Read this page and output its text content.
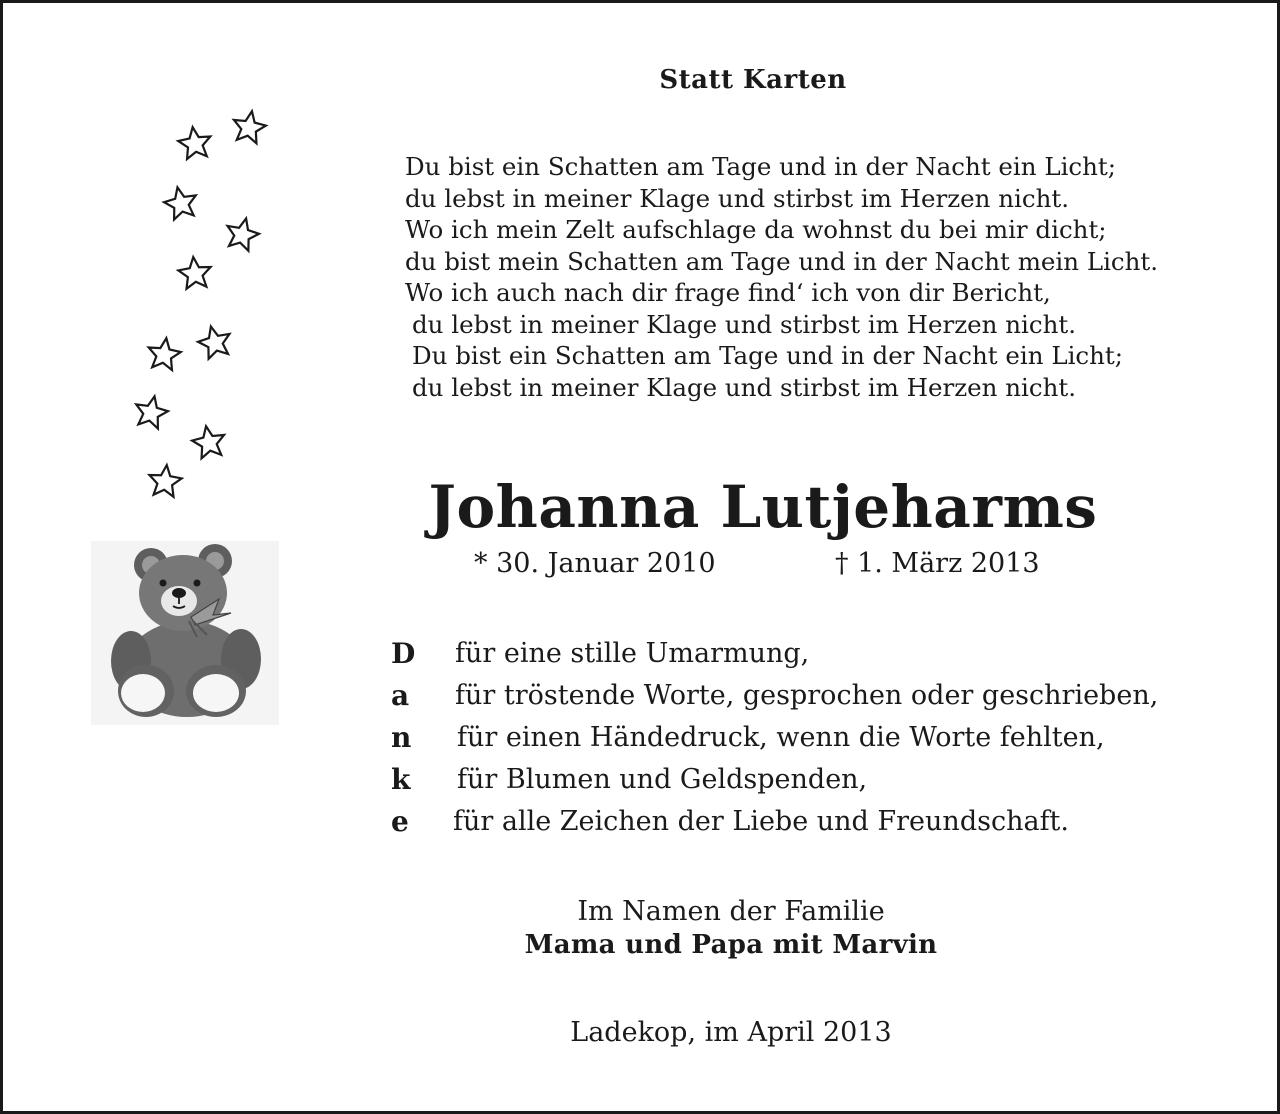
Statt Karten
Du bist ein Schatten am Tage und in der Nacht ein Licht;
du lebst in meiner Klage und stirbst im Herzen nicht.
Wo ich mein Zelt aufschlage da wohnst du bei mir dicht;
du bist mein Schatten am Tage und in der Nacht mein Licht.
Wo ich auch nach dir frage find‘ ich von dir Bericht,
du lebst in meiner Klage und stirbst im Herzen nicht.
Du bist ein Schatten am Tage und in der Nacht ein Licht;
du lebst in meiner Klage und stirbst im Herzen nicht.
Johanna Lutjeharms
* 30. Januar 2010	† 1. März 2013
D	für eine stille Umarmung,
a	für tröstende Worte, gesprochen oder geschrieben,
n	für einen Händedruck, wenn die Worte fehlten,
k	für Blumen und Geldspenden,
e	für alle Zeichen der Liebe und Freundschaft.
Im Namen der Familie
Mama und Papa mit Marvin
Ladekop, im April 2013
